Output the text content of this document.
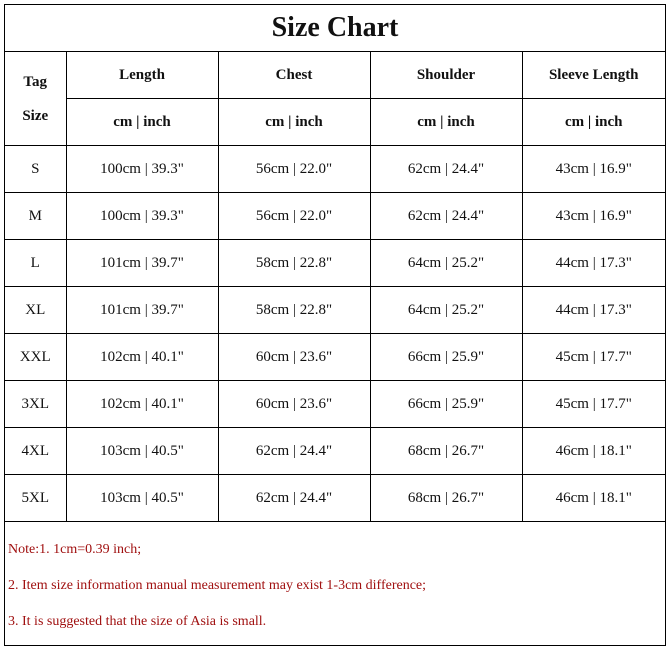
Size Chart
Tag
Size	Length	Chest	Shoulder	Sleeve Length
	cm | inch	cm | inch	cm | inch	cm | inch
S	100cm | 39.3"	56cm | 22.0"	62cm | 24.4"	43cm | 16.9"
M	100cm | 39.3"	56cm | 22.0"	62cm | 24.4"	43cm | 16.9"
L	101cm | 39.7"	58cm | 22.8"	64cm | 25.2"	44cm | 17.3"
XL	101cm | 39.7"	58cm | 22.8"	64cm | 25.2"	44cm | 17.3"
XXL	102cm | 40.1"	60cm | 23.6"	66cm | 25.9"	45cm | 17.7"
3XL	102cm | 40.1"	60cm | 23.6"	66cm | 25.9"	45cm | 17.7"
4XL	103cm | 40.5"	62cm | 24.4"	68cm | 26.7"	46cm | 18.1"
5XL	103cm | 40.5"	62cm | 24.4"	68cm | 26.7"	46cm | 18.1"
Note:1. 1cm=0.39 inch;
2. Item size information manual measurement may exist 1-3cm difference;
3. It is suggested that the size of Asia is small.
